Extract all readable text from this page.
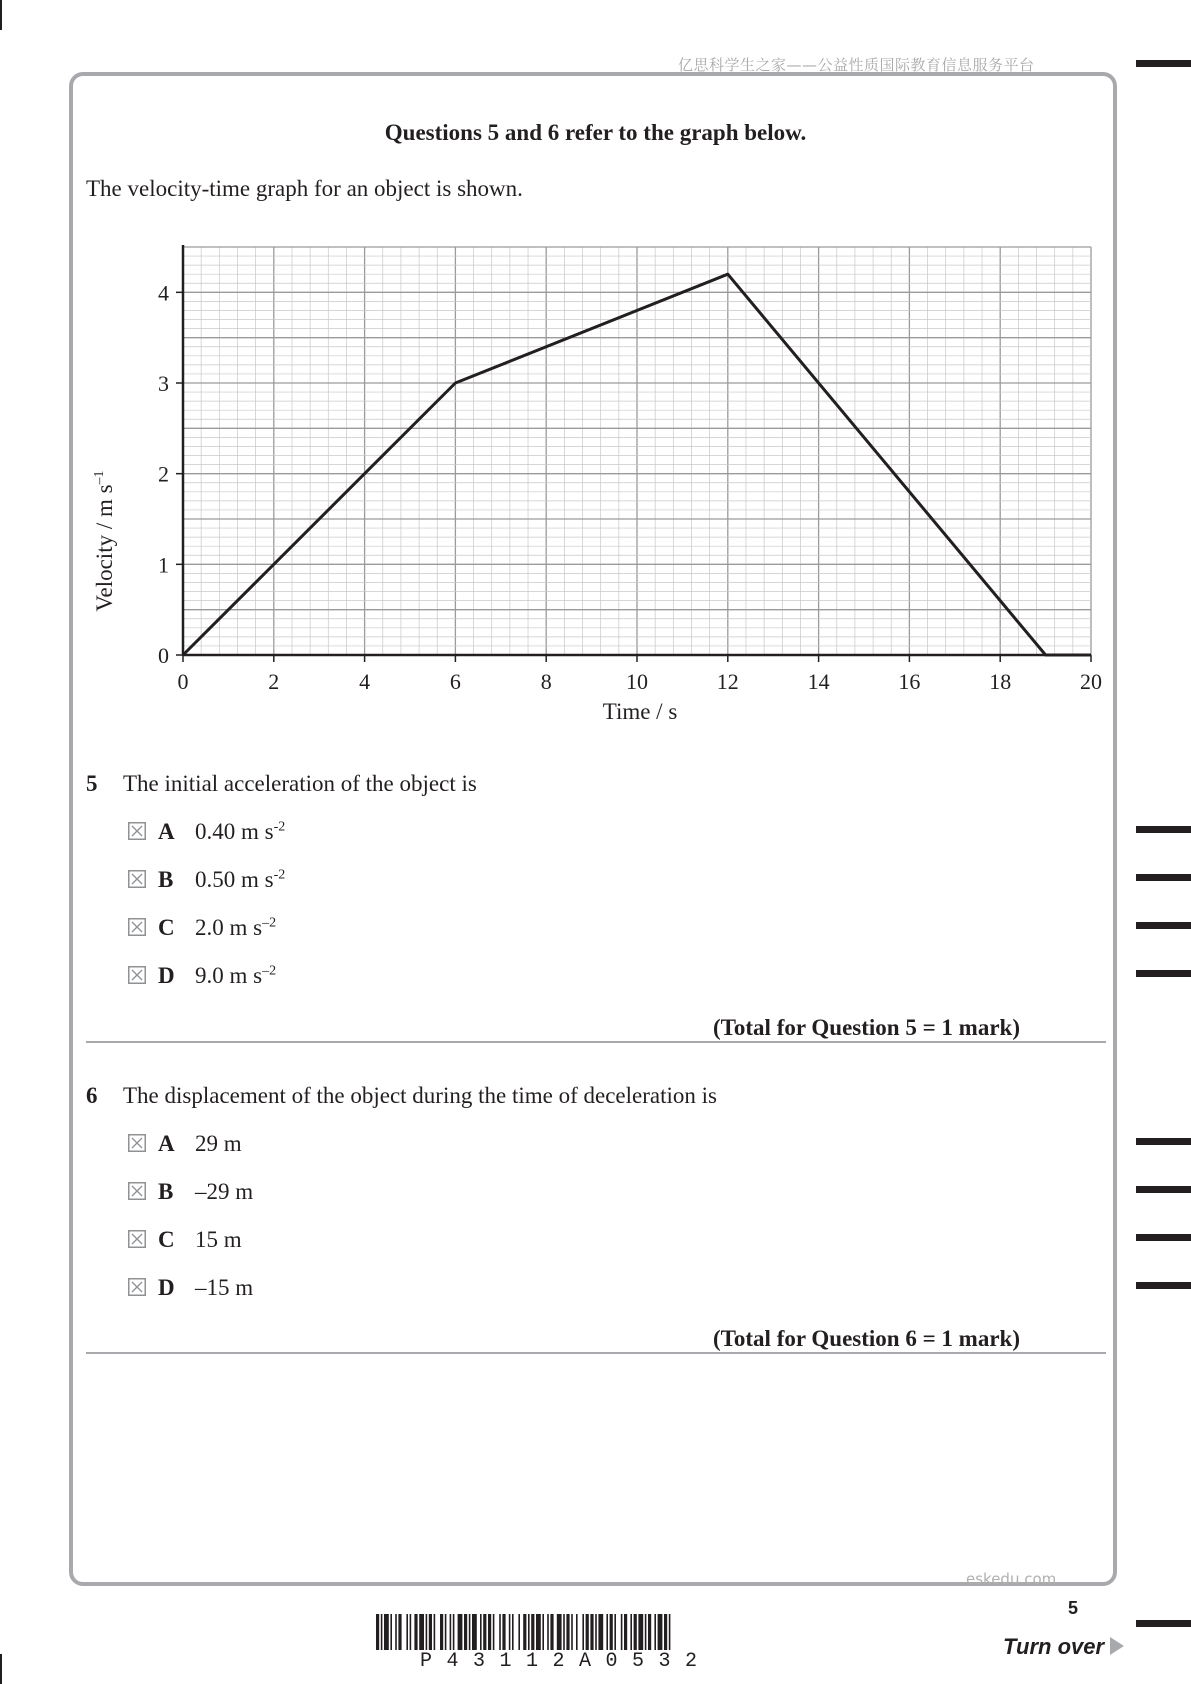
亿思科学生之家——公益性质国际教育信息服务平台
Questions 5 and 6 refer to the graph below.
The velocity-time graph for an object is shown.
0	2	4	6	8	10	12	14	16	18	20
0
1
2
3
4
Time / s
Velocity / m $s^{-1}$
5 The initial acceleration of the object is
A 0.40 m $s^{-2}$
B 0.50 m $s^{-2}$
C 2.0 m $s^{-2}$
D 9.0 m $s^{-2}$
(Total for Question 5 = 1 mark)
6 The displacement of the object during the time of deceleration is
A 29 m
B –29 m
C 15 m
D –15 m
(Total for Question 6 = 1 mark)
eskedu.com
5
P43112A0532
Turn over
